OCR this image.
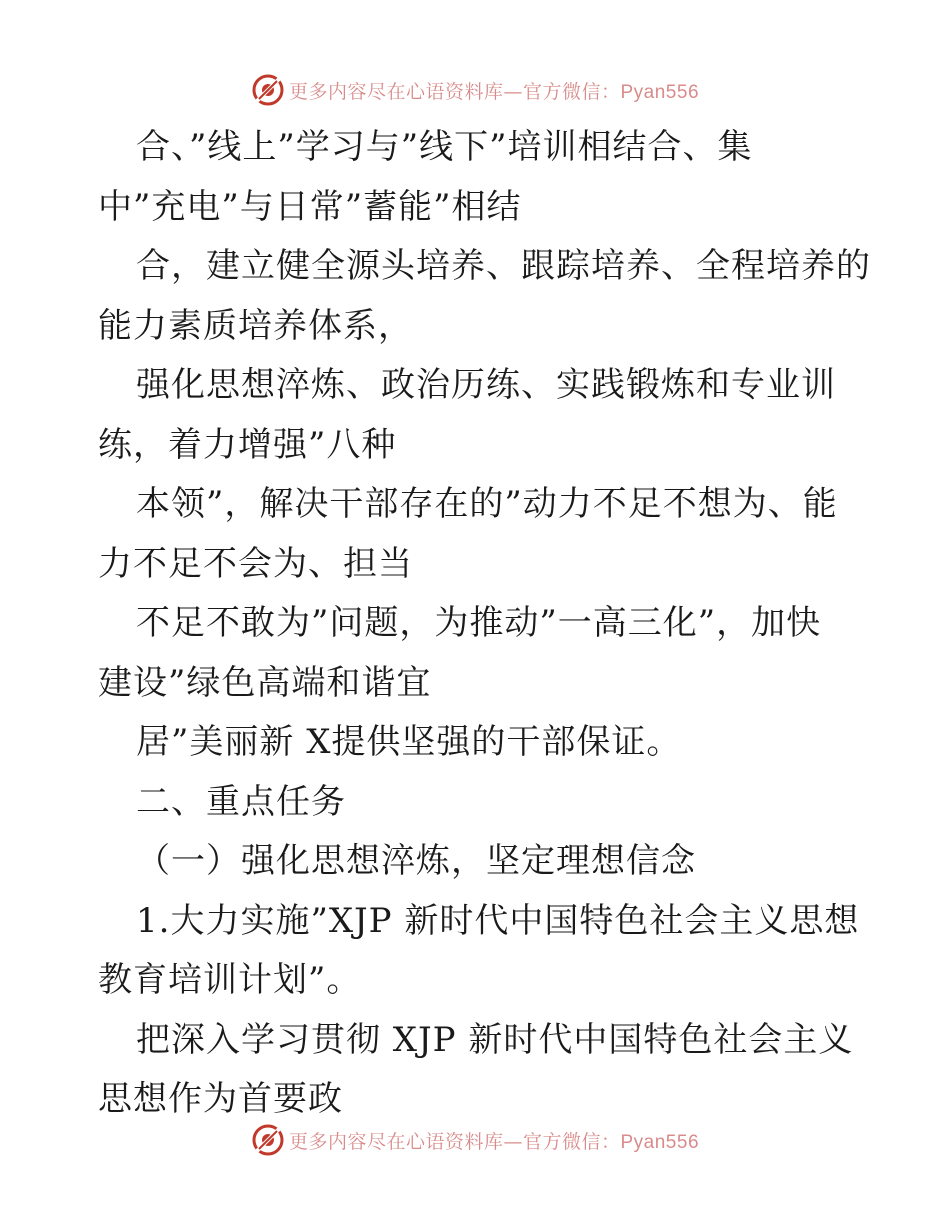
更多内容尽在心语资料库—官方微信：Pyan556
合、”线上”学习与”线下”培训相结合、集
中”充电”与日常”蓄能”相结
合，建立健全源头培养、跟踪培养、全程培养的
能力素质培养体系，
强化思想淬炼、政治历练、实践锻炼和专业训
练，着力增强”八种
本领”，解决干部存在的”动力不足不想为、能
力不足不会为、担当
不足不敢为”问题，为推动”一高三化”，加快
建设”绿色高端和谐宜
居”美丽新 X提供坚强的干部保证。
二、重点任务
（一）强化思想淬炼，坚定理想信念
1.大力实施”XJP 新时代中国特色社会主义思想
教育培训计划”。
把深入学习贯彻 XJP 新时代中国特色社会主义
思想作为首要政
更多内容尽在心语资料库—官方微信：Pyan556
